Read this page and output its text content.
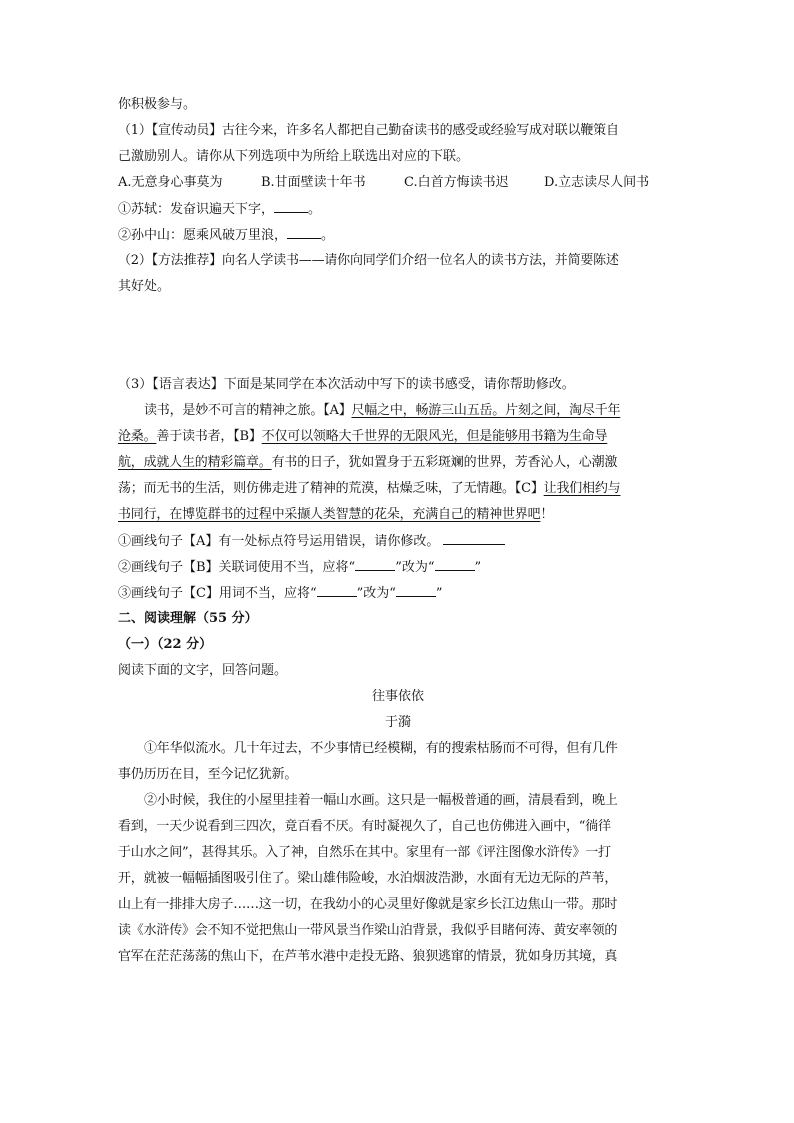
你积极参与。
（1）【宣传动员】古往今来，许多名人都把自己勤奋读书的感受或经验写成对联以鞭策自
己激励别人。请你从下列选项中为所给上联选出对应的下联。
A.无意身心事莫为	B.甘面壁读十年书	C.白首方悔读书迟	D.立志读尽人间书
①苏轼：发奋识遍天下字，	。
②孙中山：愿乘风破万里浪，	。
（2）【方法推荐】向名人学读书——请你向同学们介绍一位名人的读书方法，并简要陈述
其好处。
（3）【语言表达】下面是某同学在本次活动中写下的读书感受，请你帮助修改。
读书，是妙不可言的精神之旅。【A】尺幅之中，畅游三山五岳。片刻之间，淘尽千年
沧桑。善于读书者，【B】不仅可以领略大千世界的无限风光，但是能够用书籍为生命导
航，成就人生的精彩篇章。有书的日子，犹如置身于五彩斑斓的世界，芳香沁人，心潮激
荡；而无书的生活，则仿佛走进了精神的荒漠，枯燥乏味，了无情趣。【C】让我们相约与
书同行，在博览群书的过程中采撷人类智慧的花朵，充满自己的精神世界吧！
①画线句子【A】有一处标点符号运用错误，请你修改。
②画线句子【B】关联词使用不当，应将“	”改为“	”
③画线句子【C】用词不当，应将“	”改为“	”
二、阅读理解（55 分）
（一）（22 分）
阅读下面的文字，回答问题。
往事依依
于漪
①年华似流水。几十年过去，不少事情已经模糊，有的搜索枯肠而不可得，但有几件
事仍历历在目，至今记忆犹新。
②小时候，我住的小屋里挂着一幅山水画。这只是一幅极普通的画，清晨看到，晚上
看到，一天少说看到三四次，竟百看不厌。有时凝视久了，自己也仿佛进入画中，“徜徉
于山水之间”，甚得其乐。入了神，自然乐在其中。家里有一部《评注图像水浒传》一打
开，就被一幅幅插图吸引住了。梁山雄伟险峻，水泊烟波浩渺，水面有无边无际的芦苇，
山上有一排排大房子……这一切，在我幼小的心灵里好像就是家乡长江边焦山一带。那时
读《水浒传》会不知不觉把焦山一带风景当作梁山泊背景，我似乎目睹何涛、黄安率领的
官军在茫茫荡荡的焦山下，在芦苇水港中走投无路、狼狈逃窜的情景，犹如身历其境，真
